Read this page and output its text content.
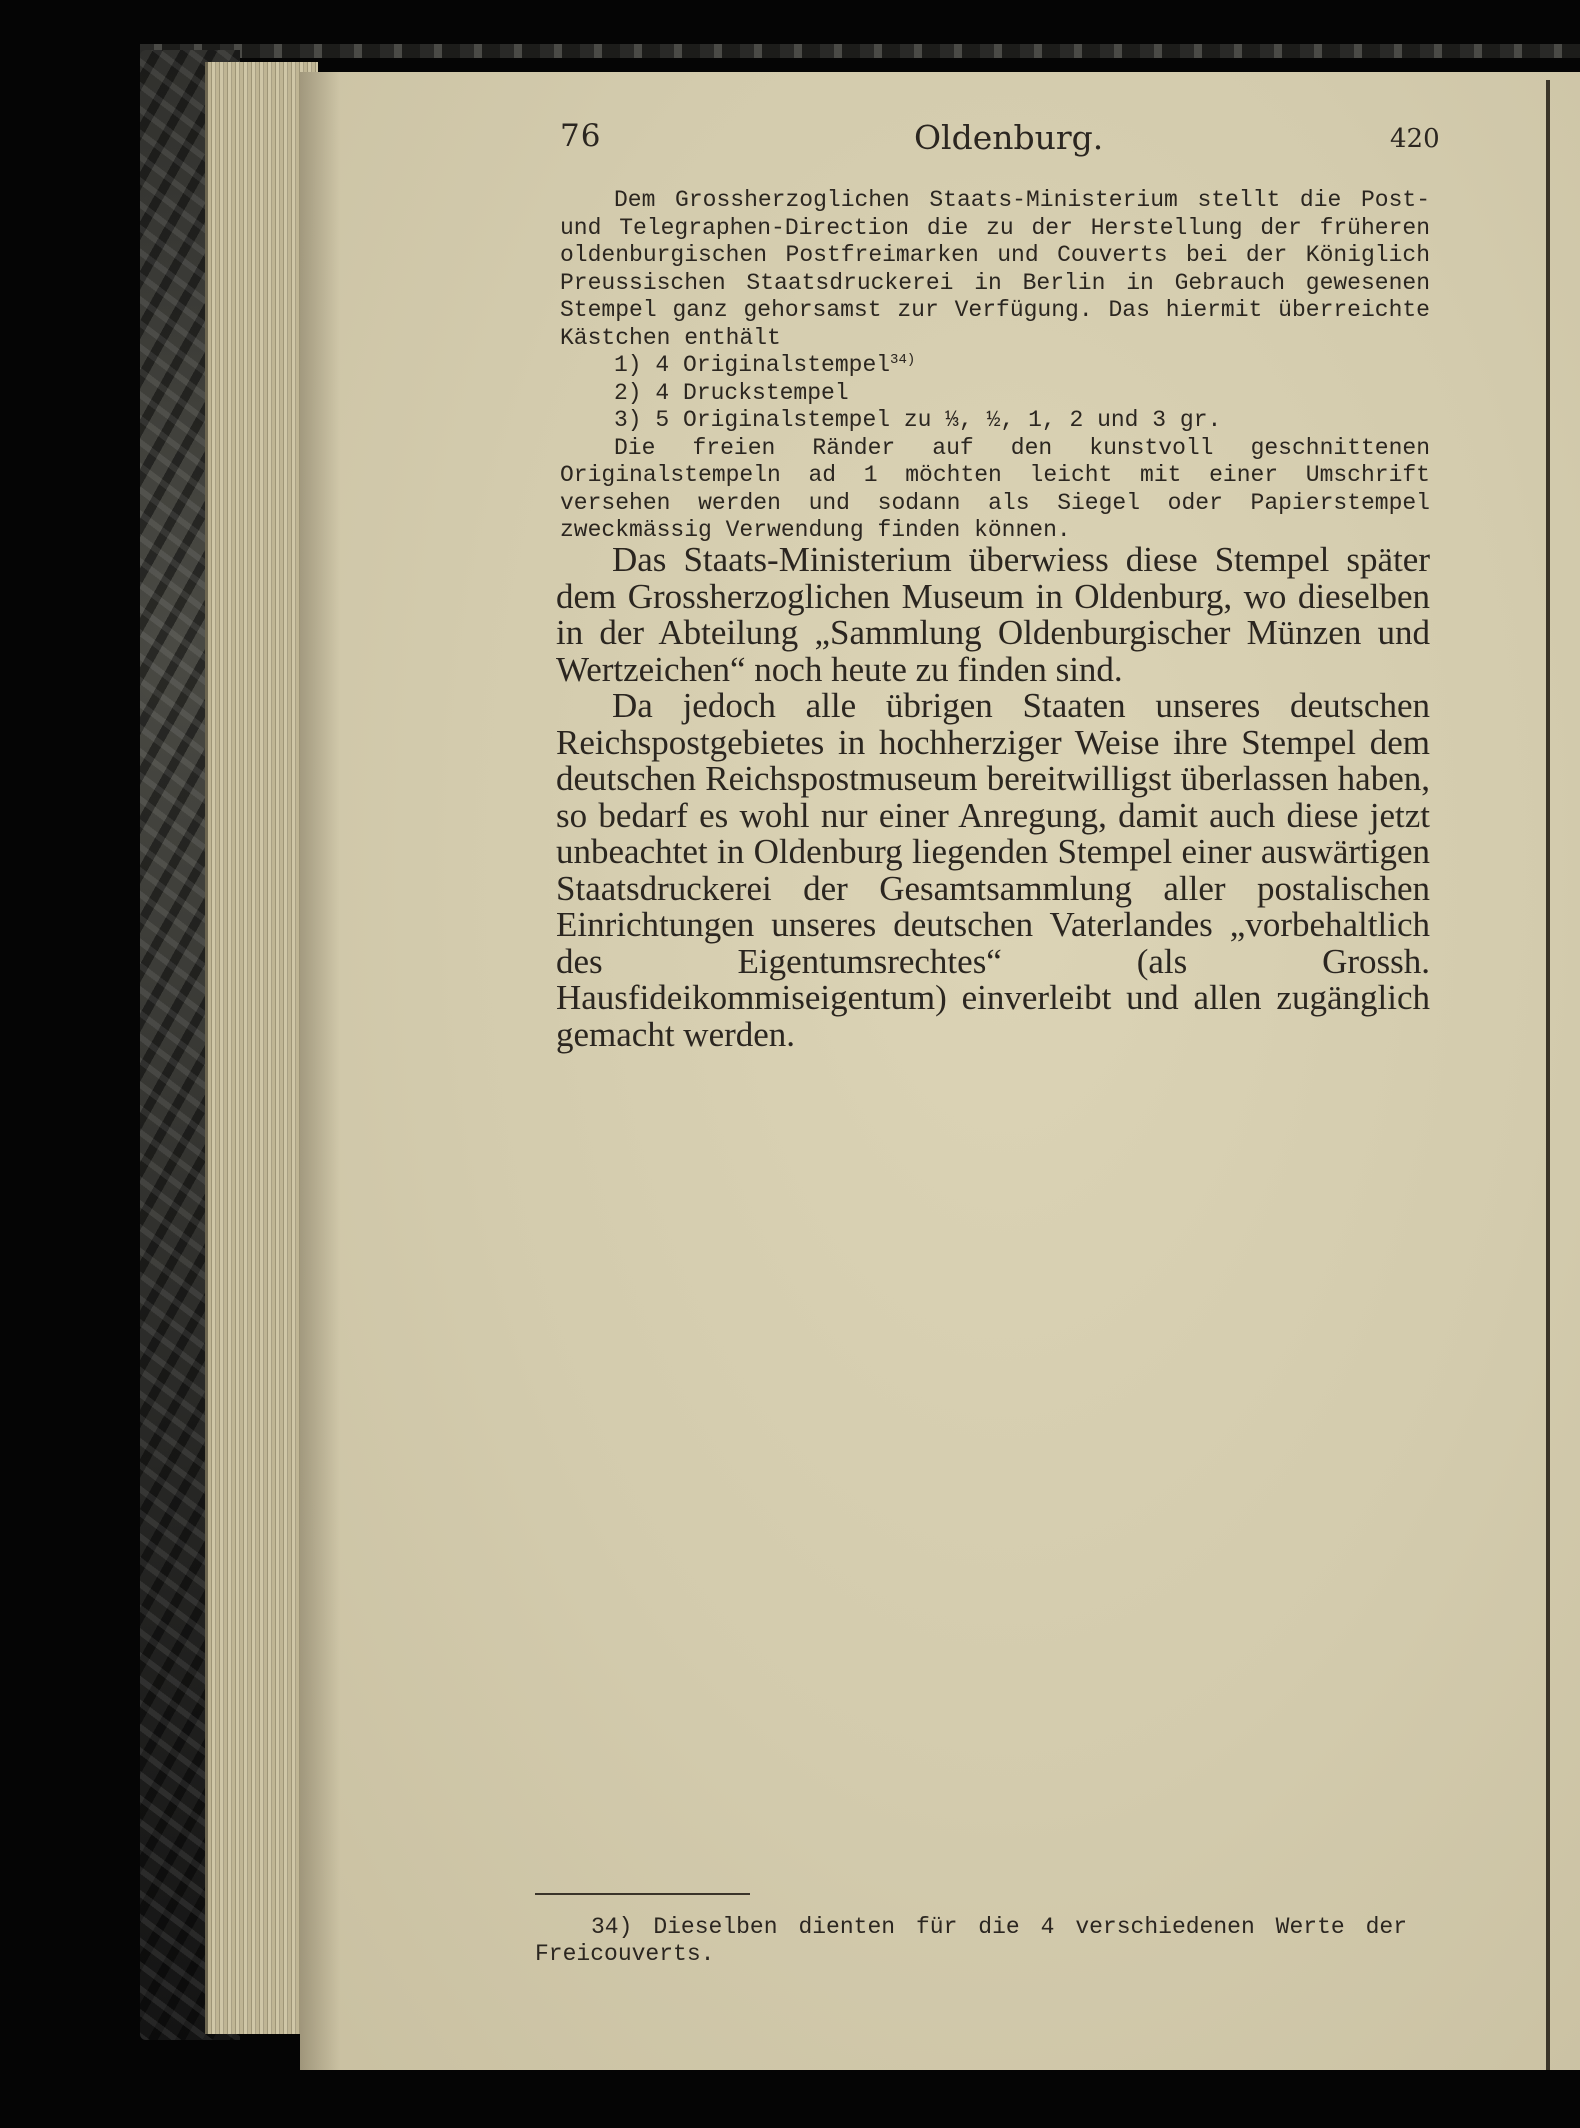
76	Oldenburg.	420

Dem Grossherzoglichen Staats-Ministerium stellt die Post- und Telegraphen-Direction die zu der Herstellung der früheren oldenburgischen Postfreimarken und Couverts bei der Königlich Preussischen Staatsdruckerei in Berlin in Gebrauch gewesenen Stempel ganz gehorsamst zur Verfügung. Das hiermit überreichte Kästchen enthält

1) 4 Originalstempel$^{34)}$

2) 4 Druckstempel

3) 5 Originalstempel zu ⅓, ½, 1, 2 und 3 gr.

Die freien Ränder auf den kunstvoll geschnittenen Originalstempeln ad 1 möchten leicht mit einer Umschrift versehen werden und sodann als Siegel oder Papierstempel zweckmässig Verwendung finden können.

Das Staats-Ministerium überwiess diese Stempel später dem Grossherzoglichen Museum in Oldenburg, wo dieselben in der Abteilung „Sammlung Oldenburgischer Münzen und Wertzeichen“ noch heute zu finden sind.

Da jedoch alle übrigen Staaten unseres deutschen Reichspostgebietes in hochherziger Weise ihre Stempel dem deutschen Reichspostmuseum bereitwilligst überlassen haben, so bedarf es wohl nur einer Anregung, damit auch diese jetzt unbeachtet in Oldenburg liegenden Stempel einer auswärtigen Staatsdruckerei der Gesamtsammlung aller postalischen Einrichtungen unseres deutschen Vaterlandes „vorbehaltlich des Eigentumsrechtes“ (als Grossh. Hausfideikommiseigentum) einverleibt und allen zugänglich gemacht werden.

34) Dieselben dienten für die 4 verschiedenen Werte der Freicouverts.
